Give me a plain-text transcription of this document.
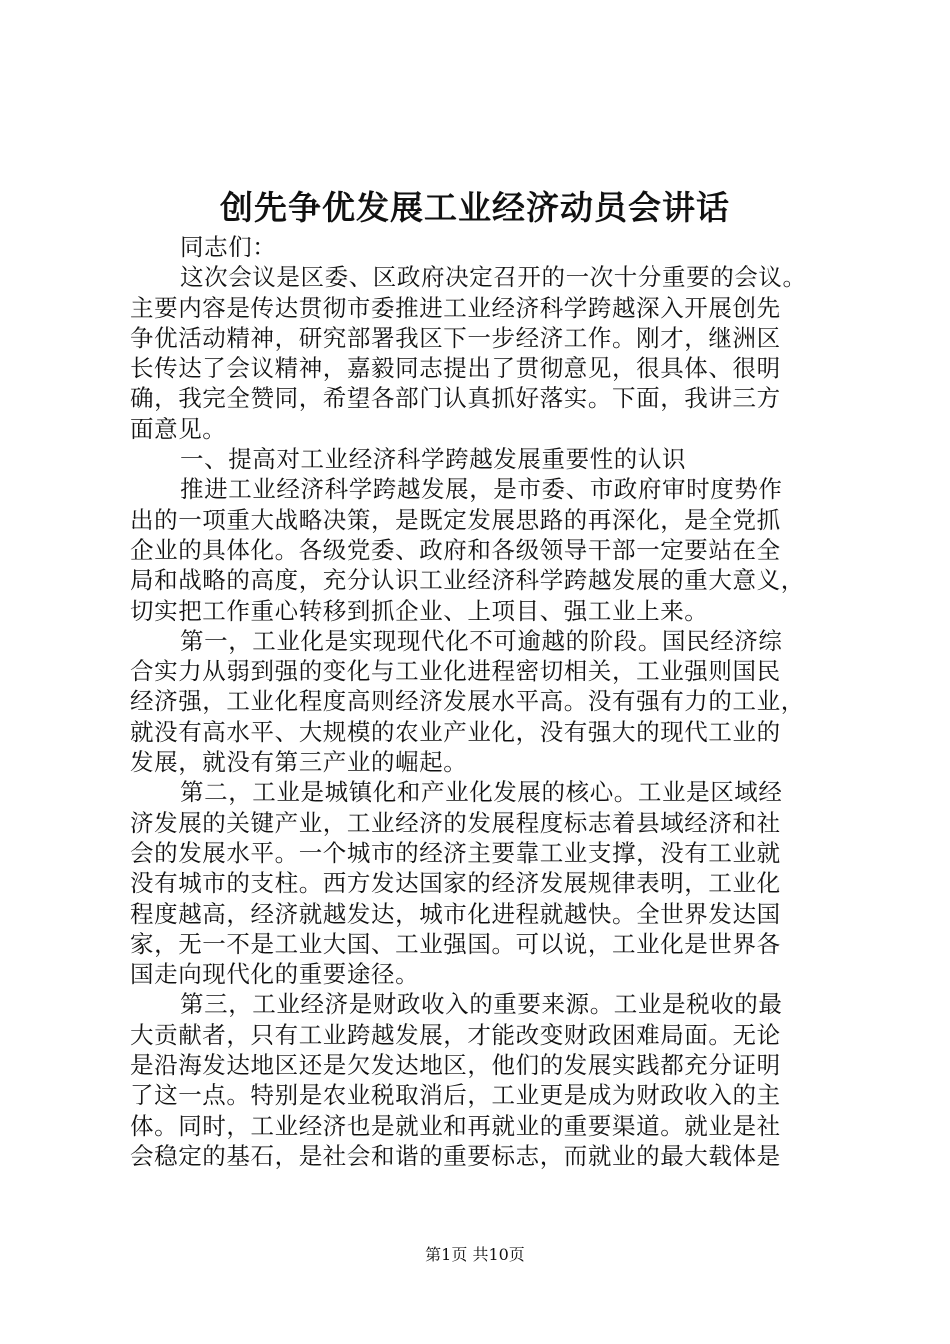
创先争优发展工业经济动员会讲话
同志们：
这次会议是区委、区政府决定召开的一次十分重要的会议。
主要内容是传达贯彻市委推进工业经济科学跨越深入开展创先
争优活动精神，研究部署我区下一步经济工作。刚才，继洲区
长传达了会议精神，嘉毅同志提出了贯彻意见，很具体、很明
确，我完全赞同，希望各部门认真抓好落实。下面，我讲三方
面意见。
一、提高对工业经济科学跨越发展重要性的认识
推进工业经济科学跨越发展，是市委、市政府审时度势作
出的一项重大战略决策，是既定发展思路的再深化，是全党抓
企业的具体化。各级党委、政府和各级领导干部一定要站在全
局和战略的高度，充分认识工业经济科学跨越发展的重大意义，
切实把工作重心转移到抓企业、上项目、强工业上来。
第一，工业化是实现现代化不可逾越的阶段。国民经济综
合实力从弱到强的变化与工业化进程密切相关，工业强则国民
经济强，工业化程度高则经济发展水平高。没有强有力的工业，
就没有高水平、大规模的农业产业化，没有强大的现代工业的
发展，就没有第三产业的崛起。
第二，工业是城镇化和产业化发展的核心。工业是区域经
济发展的关键产业，工业经济的发展程度标志着县域经济和社
会的发展水平。一个城市的经济主要靠工业支撑，没有工业就
没有城市的支柱。西方发达国家的经济发展规律表明，工业化
程度越高，经济就越发达，城市化进程就越快。全世界发达国
家，无一不是工业大国、工业强国。可以说，工业化是世界各
国走向现代化的重要途径。
第三，工业经济是财政收入的重要来源。工业是税收的最
大贡献者，只有工业跨越发展，才能改变财政困难局面。无论
是沿海发达地区还是欠发达地区，他们的发展实践都充分证明
了这一点。特别是农业税取消后，工业更是成为财政收入的主
体。同时，工业经济也是就业和再就业的重要渠道。就业是社
会稳定的基石，是社会和谐的重要标志，而就业的最大载体是
第1页 共10页
